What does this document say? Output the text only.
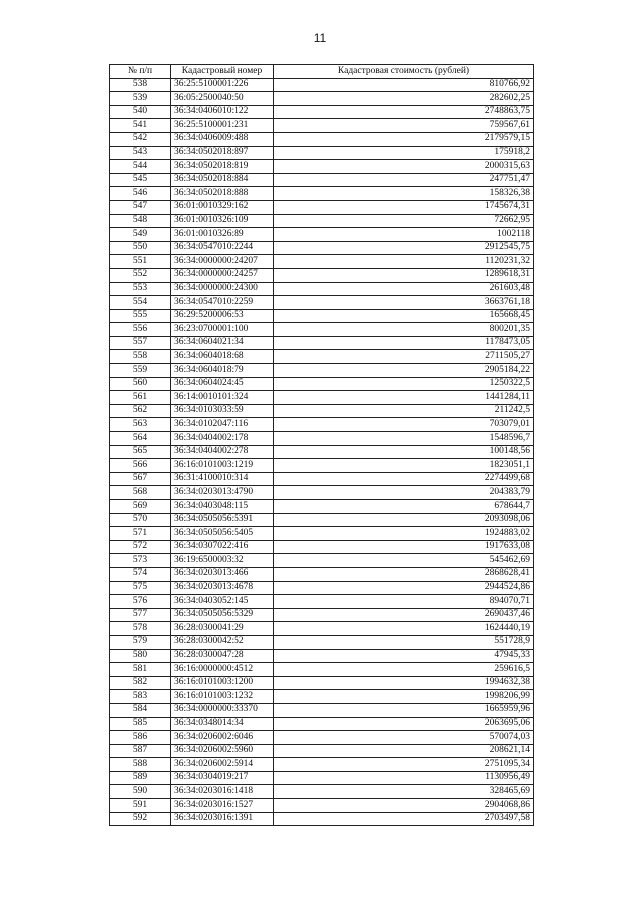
11
№ п/п	Кадастровый номер	Кадастровая стоимость (рублей)
538	36:25:5100001:226	810766,92
539	36:05:2500040:50	282602,25
540	36:34:0406010:122	2748863,75
541	36:25:5100001:231	759567,61
542	36:34:0406009:488	2179579,15
543	36:34:0502018:897	175918,2
544	36:34:0502018:819	2000315,63
545	36:34:0502018:884	247751,47
546	36:34:0502018:888	158326,38
547	36:01:0010329:162	1745674,31
548	36:01:0010326:109	72662,95
549	36:01:0010326:89	1002118
550	36:34:0547010:2244	2912545,75
551	36:34:0000000:24207	1120231,32
552	36:34:0000000:24257	1289618,31
553	36:34:0000000:24300	261603,48
554	36:34:0547010:2259	3663761,18
555	36:29:5200006:53	165668,45
556	36:23:0700001:100	800201,35
557	36:34:0604021:34	1178473,05
558	36:34:0604018:68	2711505,27
559	36:34:0604018:79	2905184,22
560	36:34:0604024:45	1250322,5
561	36:14:0010101:324	1441284,11
562	36:34:0103033:59	211242,5
563	36:34:0102047:116	703079,01
564	36:34:0404002:178	1548596,7
565	36:34:0404002:278	100148,56
566	36:16:0101003:1219	1823051,1
567	36:31:4100010:314	2274499,68
568	36:34:0203013:4790	204383,79
569	36:34:0403048:115	678644,7
570	36:34:0505056:5391	2093098,06
571	36:34:0505056:5405	1924883,02
572	36:34:0307022:416	1917633,08
573	36:19:6500003:32	545462,69
574	36:34:0203013:466	2868628,41
575	36:34:0203013:4678	2944524,86
576	36:34:0403052:145	894070,71
577	36:34:0505056:5329	2690437,46
578	36:28:0300041:29	1624440,19
579	36:28:0300042:52	551728,9
580	36:28:0300047:28	47945,33
581	36:16:0000000:4512	259616,5
582	36:16:0101003:1200	1994632,38
583	36:16:0101003:1232	1998206,99
584	36:34:0000000:33370	1665959,96
585	36:34:0348014:34	2063695,06
586	36:34:0206002:6046	570074,03
587	36:34:0206002:5960	208621,14
588	36:34:0206002:5914	2751095,34
589	36:34:0304019:217	1130956,49
590	36:34:0203016:1418	328465,69
591	36:34:0203016:1527	2904068,86
592	36:34:0203016:1391	2703497,58
